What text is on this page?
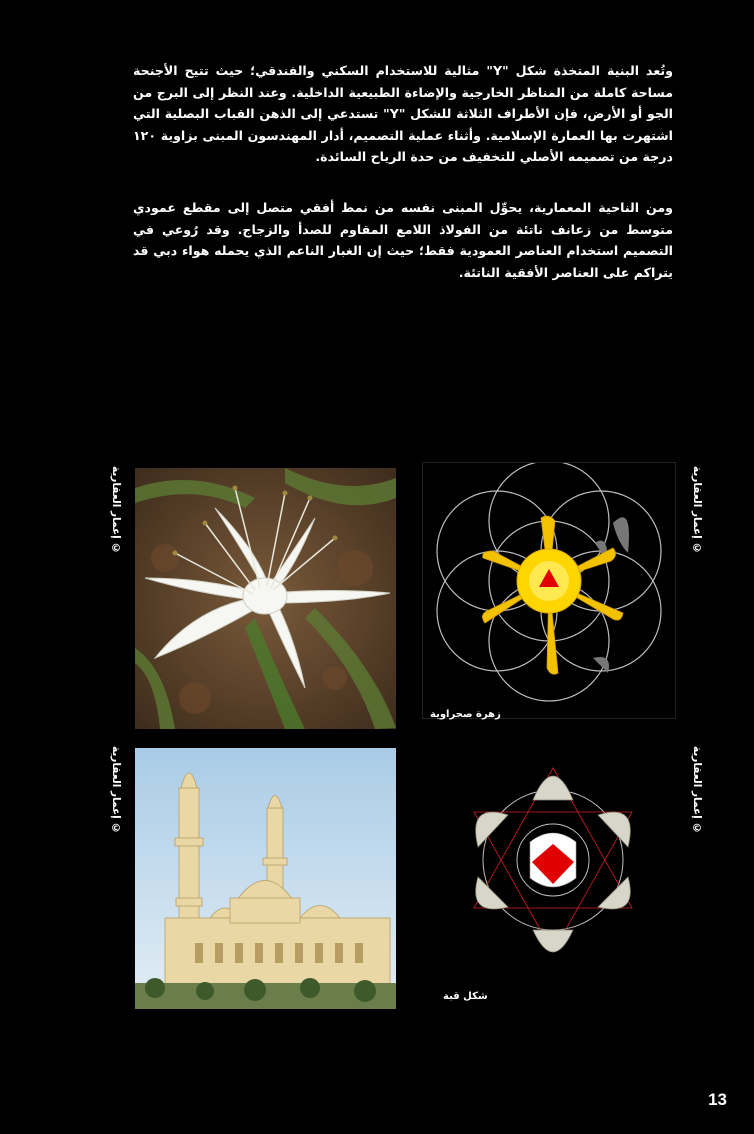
وتُعد البنية المتخذة شكل "Y" مثالية للاستخدام السكني والفندقي؛ حيث تتيح الأجنحة مساحة كاملة من المناظر الخارجية والإضاءة الطبيعية الداخلية. وعند النظر إلى البرج من الجو أو الأرض، فإن الأطراف الثلاثة للشكل "Y" تستدعي إلى الذهن القباب البصلية التي اشتهرت بها العمارة الإسلامية. وأثناء عملية التصميم، أدار المهندسون المبنى بزاوية ١٢٠ درجة من تصميمه الأصلي للتخفيف من حدة الرياح السائدة.

ومن الناحية المعمارية، يحوِّل المبنى نفسه من نمط أفقي متصل إلى مقطع عمودي متوسط من زعانف ناتئة من الفولاذ اللامع المقاوم للصدأ والزجاج. وقد رُوعي في التصميم استخدام العناصر العمودية فقط؛ حيث إن الغبار الناعم الذي يحمله هواء دبي قد يتراكم على العناصر الأفقية الناتئة.

© إعمار العقارية	© إعمار العقارية
© إعمار العقارية	© إعمار العقارية
زهرة صحراوية
شكل قبة
13
